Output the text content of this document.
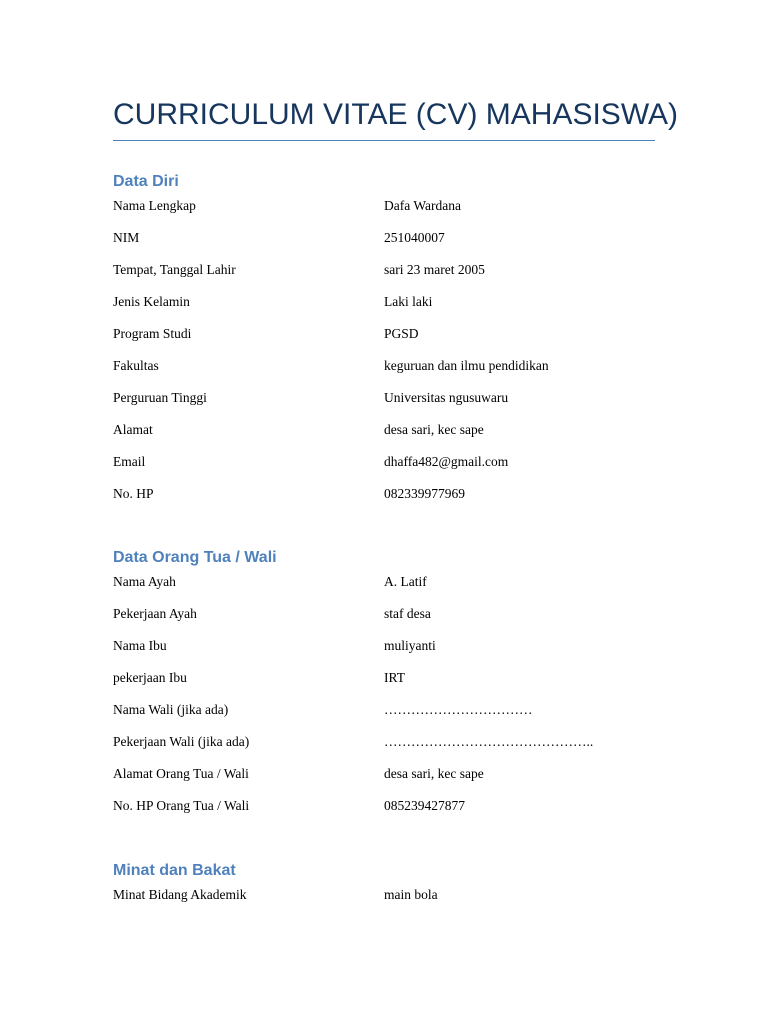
CURRICULUM VITAE (CV) MAHASISWA)
Data Diri
Nama Lengkap	Dafa Wardana
NIM	251040007
Tempat, Tanggal Lahir	sari 23 maret 2005
Jenis Kelamin	Laki laki
Program Studi	PGSD
Fakultas	keguruan dan ilmu pendidikan
Perguruan Tinggi	Universitas ngusuwaru
Alamat	desa sari, kec sape
Email	dhaffa482@gmail.com
No. HP	082339977969
Data Orang Tua / Wali
Nama Ayah	A. Latif
Pekerjaan Ayah	staf desa
Nama Ibu	muliyanti
pekerjaan Ibu	IRT
Nama Wali (jika ada)	……………………………
Pekerjaan Wali (jika ada)	………………………………………..
Alamat Orang Tua / Wali	desa sari, kec sape
No. HP Orang Tua / Wali	085239427877
Minat dan Bakat
Minat Bidang Akademik	main bola
